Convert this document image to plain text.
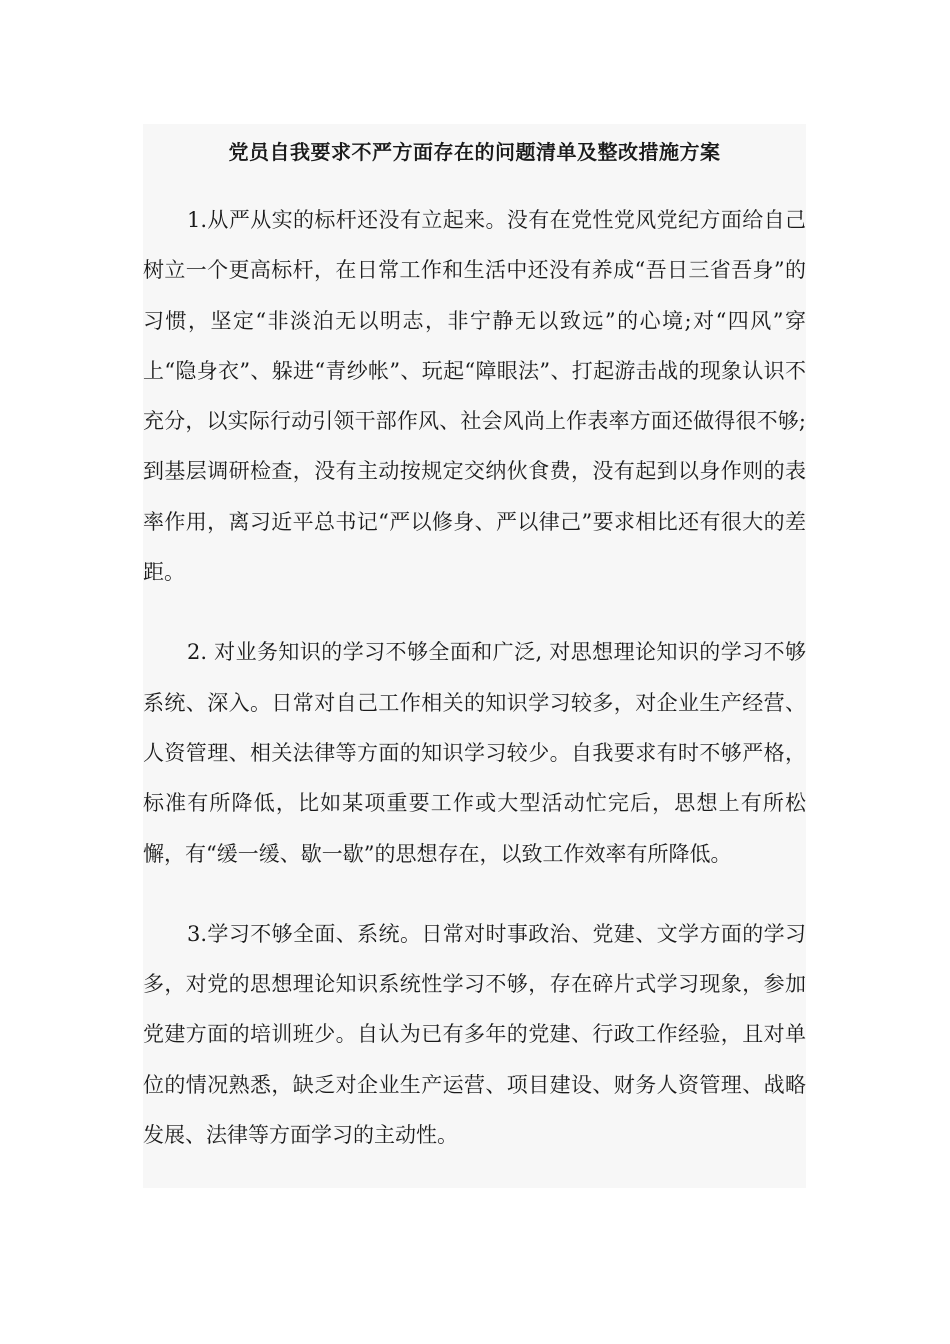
党员自我要求不严方面存在的问题清单及整改措施方案

1.从严从实的标杆还没有立起来。没有在党性党风党纪方面给自己树立一个更高标杆，在日常工作和生活中还没有养成“吾日三省吾身”的习惯，坚定“非淡泊无以明志，非宁静无以致远”的心境;对“四风”穿上“隐身衣”、躲进“青纱帐”、玩起“障眼法”、打起游击战的现象认识不充分，以实际行动引领干部作风、社会风尚上作表率方面还做得很不够;到基层调研检查，没有主动按规定交纳伙食费，没有起到以身作则的表率作用，离习近平总书记“严以修身、严以律己”要求相比还有很大的差距。

2. 对业务知识的学习不够全面和广泛, 对思想理论知识的学习不够系统、深入。日常对自己工作相关的知识学习较多，对企业生产经营、人资管理、相关法律等方面的知识学习较少。自我要求有时不够严格，标准有所降低，比如某项重要工作或大型活动忙完后，思想上有所松懈，有“缓一缓、歇一歇”的思想存在，以致工作效率有所降低。

3.学习不够全面、系统。日常对时事政治、党建、文学方面的学习多，对党的思想理论知识系统性学习不够，存在碎片式学习现象，参加党建方面的培训班少。自认为已有多年的党建、行政工作经验，且对单位的情况熟悉，缺乏对企业生产运营、项目建设、财务人资管理、战略发展、法律等方面学习的主动性。
